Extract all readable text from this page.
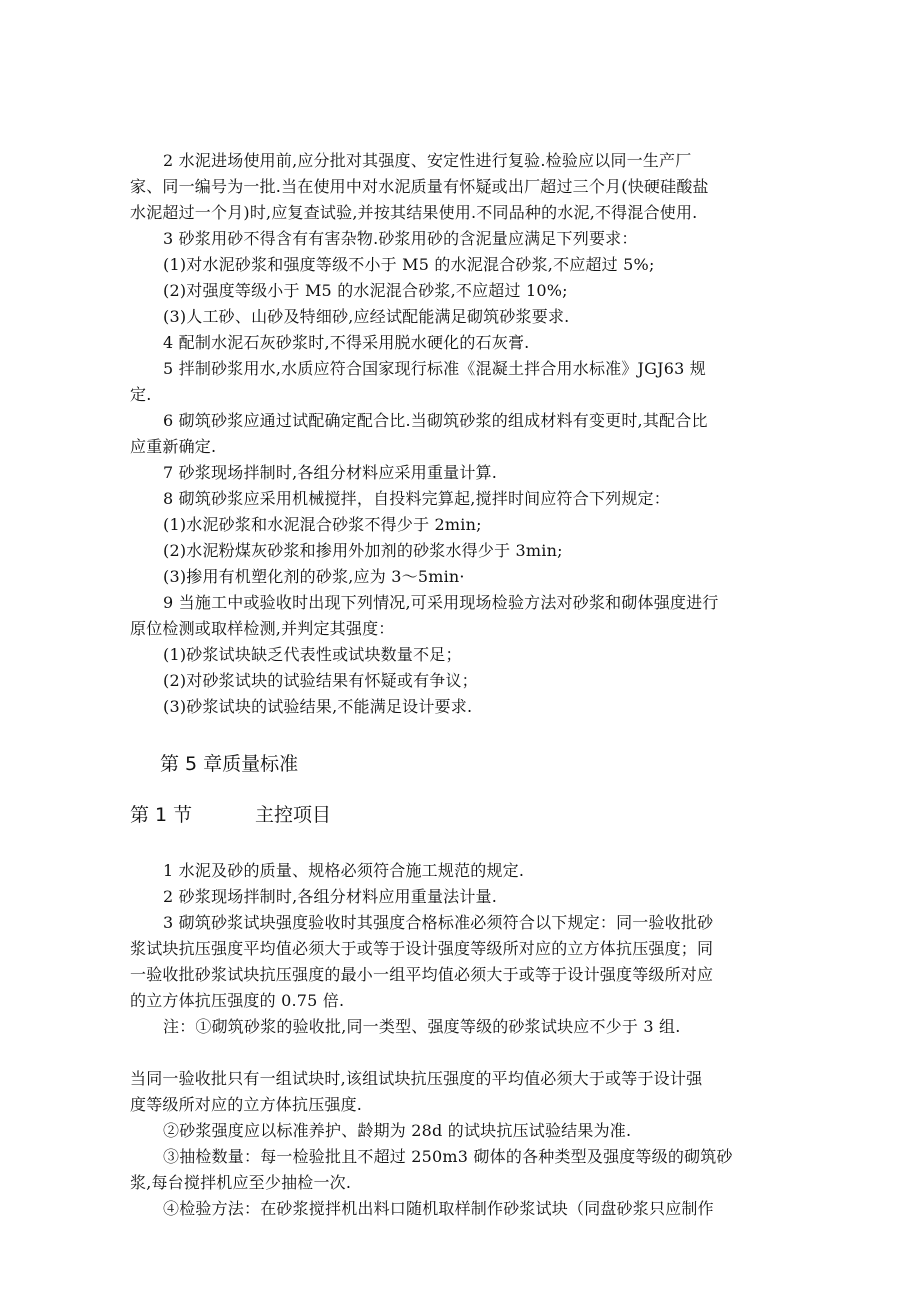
2 水泥进场使用前,应分批对其强度、安定性进行复验.检验应以同一生产厂
家、同一编号为一批.当在使用中对水泥质量有怀疑或出厂超过三个月(快硬硅酸盐
水泥超过一个月)时,应复查试验,并按其结果使用.不同品种的水泥,不得混合使用.
3 砂浆用砂不得含有有害杂物.砂浆用砂的含泥量应满足下列要求：
(1)对水泥砂浆和强度等级不小于 M5 的水泥混合砂浆,不应超过 5%;
(2)对强度等级小于 M5 的水泥混合砂浆,不应超过 10%;
(3)人工砂、山砂及特细砂,应经试配能满足砌筑砂浆要求.
4 配制水泥石灰砂浆时,不得采用脱水硬化的石灰膏.
5 拌制砂浆用水,水质应符合国家现行标准《混凝土拌合用水标准》JGJ63 规
定.
6 砌筑砂浆应通过试配确定配合比.当砌筑砂浆的组成材料有变更时,其配合比
应重新确定.
7 砂浆现场拌制时,各组分材料应采用重量计算.
8 砌筑砂浆应采用机械搅拌，自投料完算起,搅拌时间应符合下列规定：
(1)水泥砂浆和水泥混合砂浆不得少于 2min;
(2)水泥粉煤灰砂浆和掺用外加剂的砂浆水得少于 3min;
(3)掺用有机塑化剂的砂浆,应为 3～5min·
9 当施工中或验收时出现下列情况,可采用现场检验方法对砂浆和砌体强度进行
原位检测或取样检测,并判定其强度：
(1)砂浆试块缺乏代表性或试块数量不足；
(2)对砂浆试块的试验结果有怀疑或有争议；
(3)砂浆试块的试验结果,不能满足设计要求.
第 5 章质量标准
第 1 节	主控项目
1 水泥及砂的质量、规格必须符合施工规范的规定.
2 砂浆现场拌制时,各组分材料应用重量法计量.
3 砌筑砂浆试块强度验收时其强度合格标准必须符合以下规定：同一验收批砂
浆试块抗压强度平均值必须大于或等于设计强度等级所对应的立方体抗压强度；同
一验收批砂浆试块抗压强度的最小一组平均值必须大于或等于设计强度等级所对应
的立方体抗压强度的 0.75 倍.
注：①砌筑砂浆的验收批,同一类型、强度等级的砂浆试块应不少于 3 组.
当同一验收批只有一组试块时,该组试块抗压强度的平均值必须大于或等于设计强
度等级所对应的立方体抗压强度.
②砂浆强度应以标准养护、龄期为 28d 的试块抗压试验结果为准.
③抽检数量：每一检验批且不超过 250m3 砌体的各种类型及强度等级的砌筑砂
浆,每台搅拌机应至少抽检一次.
④检验方法：在砂浆搅拌机出料口随机取样制作砂浆试块（同盘砂浆只应制作
